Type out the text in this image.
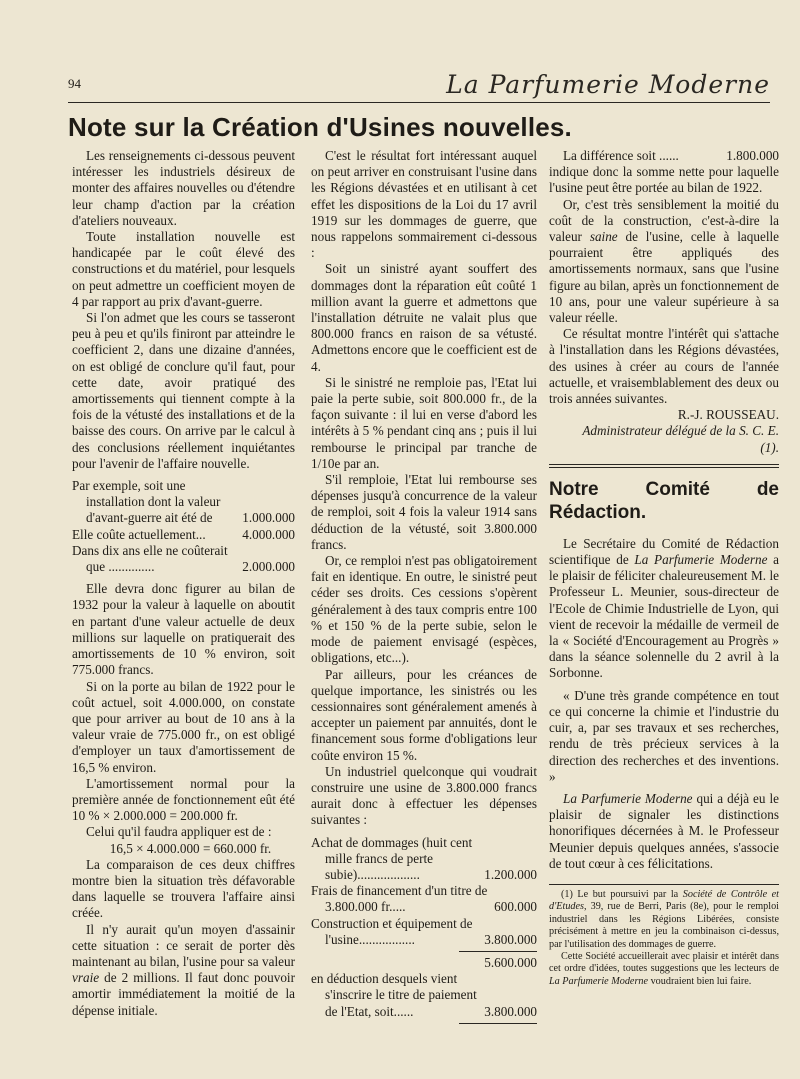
94	La Parfumerie Moderne
Note sur la Création d'Usines nouvelles.

Les renseignements ci-dessous peuvent intéresser les industriels désireux de monter des affaires nouvelles ou d'étendre leur champ d'action par la création d'ateliers nouveaux.

Toute installation nouvelle est handicapée par le coût élevé des constructions et du matériel, pour lesquels on peut admettre un coefficient moyen de 4 par rapport au prix d'avant-guerre.

Si l'on admet que les cours se tasseront peu à peu et qu'ils finiront par atteindre le coefficient 2, dans une dizaine d'années, on est obligé de conclure qu'il faut, pour cette date, avoir pratiqué des amortissements qui tiennent compte à la fois de la vétusté des installations et de la baisse des cours. On arrive par le calcul à des conclusions réellement inquiétantes pour l'avenir de l'affaire nouvelle.

Par exemple, soit une installation dont la valeur d'avant-guerre ait été de	1.000.000
Elle coûte actuellement...	4.000.000
Dans dix ans elle ne coûterait que ..............	2.000.000

Elle devra donc figurer au bilan de 1932 pour la valeur à laquelle on aboutit en partant d'une valeur actuelle de deux millions sur laquelle on pratiquerait des amortissements de 10 % environ, soit 775.000 francs.

Si on la porte au bilan de 1922 pour le coût actuel, soit 4.000.000, on constate que pour arriver au bout de 10 ans à la valeur vraie de 775.000 fr., on est obligé d'employer un taux d'amortissement de 16,5 % environ.

L'amortissement normal pour la première année de fonctionnement eût été 10 % × 2.000.000 = 200.000 fr.

Celui qu'il faudra appliquer est de :

16,5 × 4.000.000 = 660.000 fr.

La comparaison de ces deux chiffres montre bien la situation très défavorable dans laquelle se trouvera l'affaire ainsi créée.

Il n'y aurait qu'un moyen d'assainir cette situation : ce serait de porter dès maintenant au bilan, l'usine pour sa valeur vraie de 2 millions. Il faut donc pouvoir amortir immédiatement la moitié de la dépense initiale.

C'est le résultat fort intéressant auquel on peut arriver en construisant l'usine dans les Régions dévastées et en utilisant à cet effet les dispositions de la Loi du 17 avril 1919 sur les dommages de guerre, que nous rappelons sommairement ci-dessous :

Soit un sinistré ayant souffert des dommages dont la réparation eût coûté 1 million avant la guerre et admettons que l'installation détruite ne valait plus que 800.000 francs en raison de sa vétusté. Admettons encore que le coefficient est de 4.

Si le sinistré ne remploie pas, l'Etat lui paie la perte subie, soit 800.000 fr., de la façon suivante : il lui en verse d'abord les intérêts à 5 % pendant cinq ans ; puis il lui rembourse le principal par tranche de 1/10e par an.

S'il remploie, l'Etat lui rembourse ses dépenses jusqu'à concurrence de la valeur de remploi, soit 4 fois la valeur 1914 sans déduction de la vétusté, soit 3.800.000 francs.

Or, ce remploi n'est pas obligatoirement fait en identique. En outre, le sinistré peut céder ses droits. Ces cessions s'opèrent généralement à des taux compris entre 100 % et 150 % de la perte subie, selon le mode de paiement envisagé (espèces, obligations, etc...).

Par ailleurs, pour les créances de quelque importance, les sinistrés ou les cessionnaires sont généralement amenés à accepter un paiement par annuités, dont le financement sous forme d'obligations leur coûte environ 15 %.

Un industriel quelconque qui voudrait construire une usine de 3.800.000 francs aurait donc à effectuer les dépenses suivantes :

Achat de dommages (huit cent mille francs de perte subie)...................	1.200.000
Frais de financement d'un titre de 3.800.000 fr.....	600.000
Construction et équipement de l'usine.................	3.800.000
5.600.000
en déduction desquels vient s'inscrire le titre de paiement de l'Etat, soit......	3.800.000
La différence soit ......	1.800.000

indique donc la somme nette pour laquelle l'usine peut être portée au bilan de 1922.

Or, c'est très sensiblement la moitié du coût de la construction, c'est-à-dire la valeur saine de l'usine, celle à laquelle pourraient être appliqués des amortissements normaux, sans que l'usine figure au bilan, après un fonctionnement de 10 ans, pour une valeur supérieure à sa valeur réelle.

Ce résultat montre l'intérêt qui s'attache à l'installation dans les Régions dévastées, des usines à créer au cours de l'année actuelle, et vraisemblablement des deux ou trois années suivantes.

R.-J. ROUSSEAU.

Administrateur délégué de la S. C. E. (1).

Notre Comité de Rédaction.

Le Secrétaire du Comité de Rédaction scientifique de La Parfumerie Moderne a le plaisir de féliciter chaleureusement M. le Professeur L. Meunier, sous-directeur de l'Ecole de Chimie Industrielle de Lyon, qui vient de recevoir la médaille de vermeil de la « Société d'Encouragement au Progrès » dans la séance solennelle du 2 avril à la Sorbonne.

« D'une très grande compétence en tout ce qui concerne la chimie et l'industrie du cuir, a, par ses travaux et ses recherches, rendu de très précieux services à la direction des recherches et des inventions. »

La Parfumerie Moderne qui a déjà eu le plaisir de signaler les distinctions honorifiques décernées à M. le Professeur Meunier depuis quelques années, s'associe de tout cœur à ces félicitations.

(1) Le but poursuivi par la Société de Contrôle et d'Etudes, 39, rue de Berri, Paris (8e), pour le remploi industriel dans les Régions Libérées, consiste précisément à mettre en jeu la combinaison ci-dessus, par l'utilisation des dommages de guerre.

Cette Société accueillerait avec plaisir et intérêt dans cet ordre d'idées, toutes suggestions que les lecteurs de La Parfumerie Moderne voudraient bien lui faire.
